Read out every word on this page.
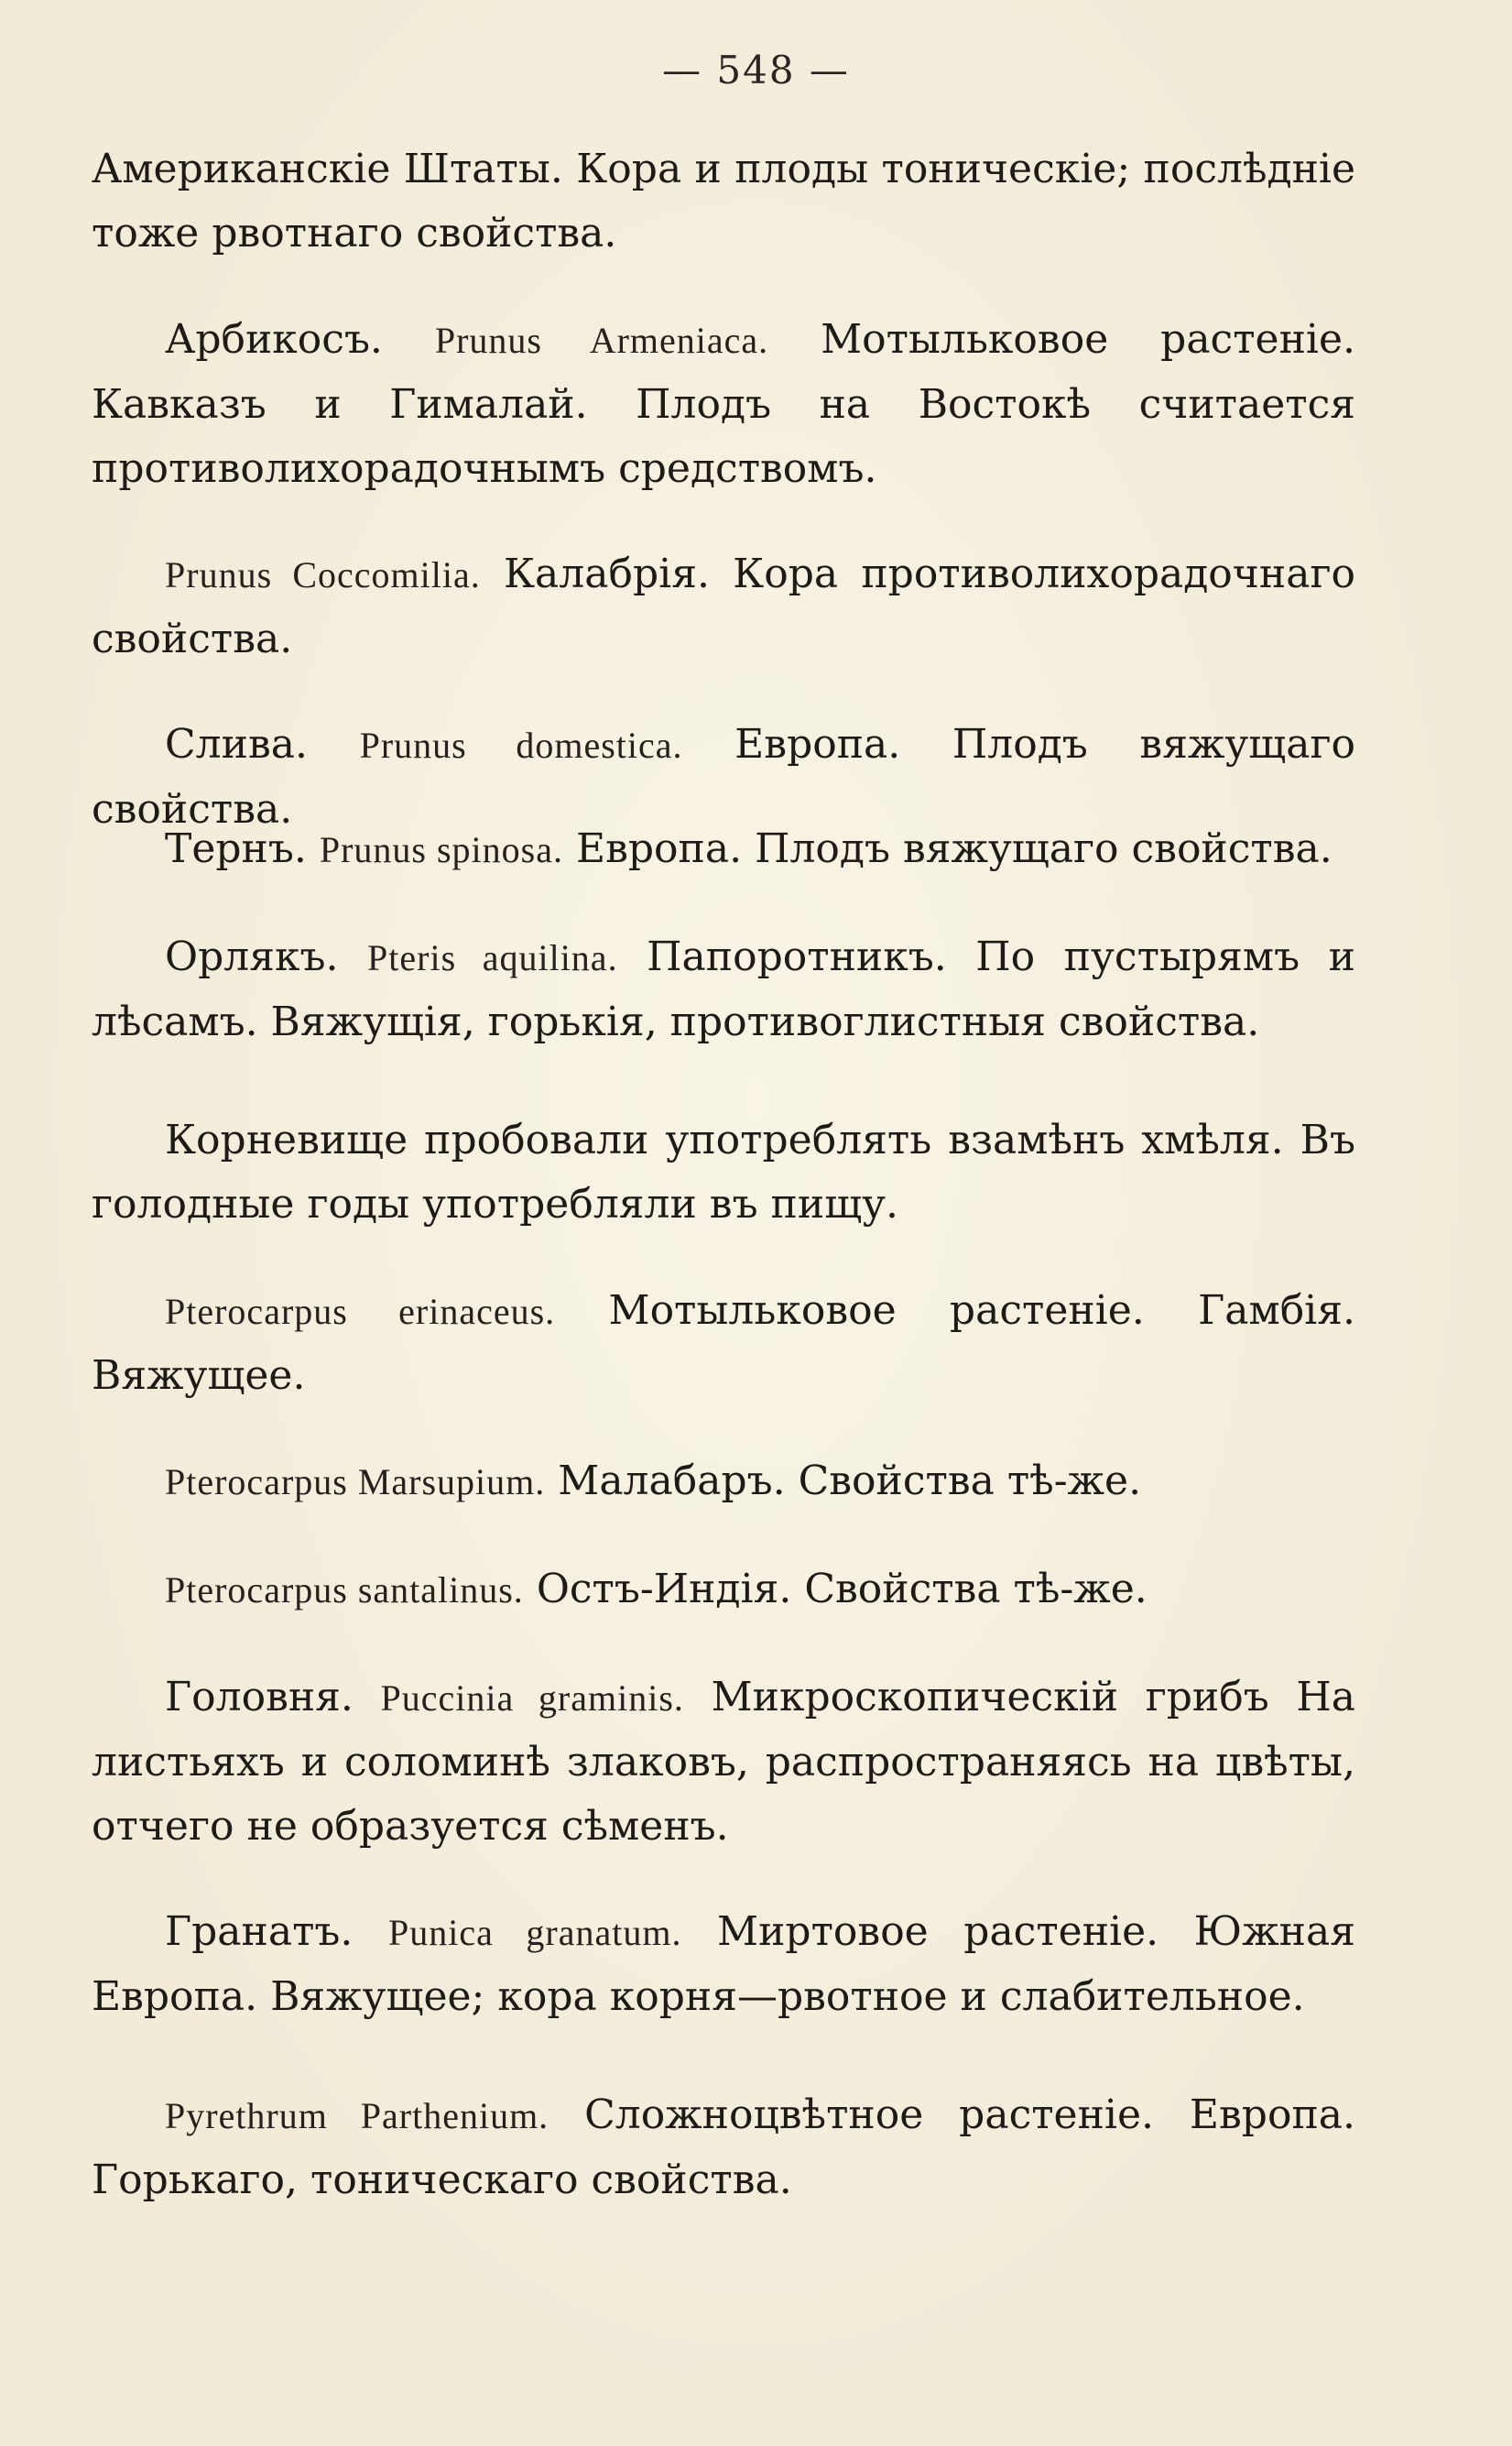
— 548 —

Американскіе Штаты. Кора и плоды тоническіе; послѣдніе тоже рвотнаго свойства.

Арбикосъ. Prunus Armeniaca. Мотыльковое растеніе. Кавказъ и Гималай. Плодъ на Востокѣ считается противолихорадочнымъ средствомъ.

Prunus Coccomilia. Калабрія. Кора противолихорадочнаго свойства.

Слива. Prunus domestica. Европа. Плодъ вяжущаго свойства.

Тернъ. Prunus spinosa. Европа. Плодъ вяжущаго свойства.

Орлякъ. Pteris aquilina. Папоротникъ. По пустырямъ и лѣсамъ. Вяжущія, горькія, противоглистныя свойства.

Корневище пробовали употреблять взамѣнъ хмѣля. Въ голодные годы употребляли въ пищу.

Pterocarpus erinaceus. Мотыльковое растеніе. Гамбія. Вяжущее.

Pterocarpus Marsupium. Малабаръ. Свойства тѣ-же.

Pterocarpus santalinus. Остъ-Индія. Свойства тѣ-же.

Головня. Puccinia graminis. Микроскопическій грибъ На листьяхъ и соломинѣ злаковъ, распространяясь на цвѣты, отчего не образуется сѣменъ.

Гранатъ. Punica granatum. Миртовое растеніе. Южная Европа. Вяжущее; кора корня—рвотное и слабительное.

Pyrethrum Parthenium. Сложноцвѣтное растеніе. Европа. Горькаго, тоническаго свойства.
